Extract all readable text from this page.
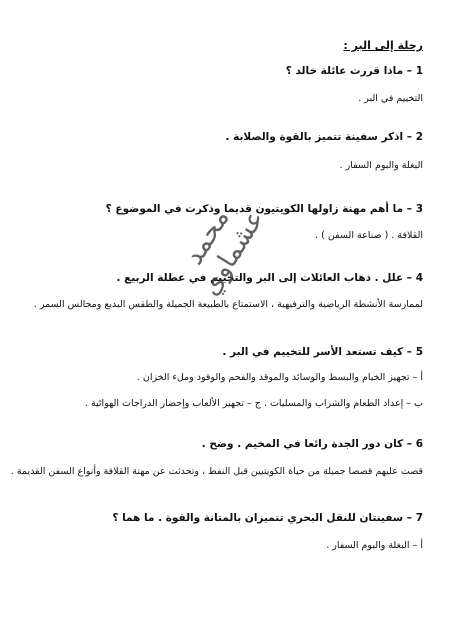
رحلة إلى البر :
1 – ماذا قررت عائلة خالد ؟
التخييم في البر .
2 – اذكر سفينة تتميز بالقوة والصلابة .
البغلة والبوم السفار .
3 – ما أهم مهنة زاولها الكويتيون قديما وذكرت في الموضوع ؟
القلافة . ( صناعة السفن ) .
4 – علل . ذهاب العائلات إلى البر والتخييم في عطلة الربيع .
لممارسة الأنشطة الرياضية والترفيهية ، الاستمتاع بالطبيعة الجميلة والطقس البديع ومجالس السمر .
5 – كيف تستعد الأسر للتخييم في البر .
أ – تجهيز الخيام والبسط والوسائد والموقد والفحم والوقود وملء الخزان .
ب – إعداد الطعام والشراب والمسليات . ج – تجهيز الألعاب وإحضار الدراجات الهوائية .
6 – كان دور الجدة رائعا في المخيم . وضح .
قصت عليهم قصصا جميلة من حياة الكويتيين قبل النفط ، وتحدثت عن مهنة القلافة وأنواع السفن القديمة .
7 – سفينتان للنقل البحري تتميزان بالمتانة والقوة . ما هما ؟
أ – البغلة والبوم السفار .
محمد عشماوي
